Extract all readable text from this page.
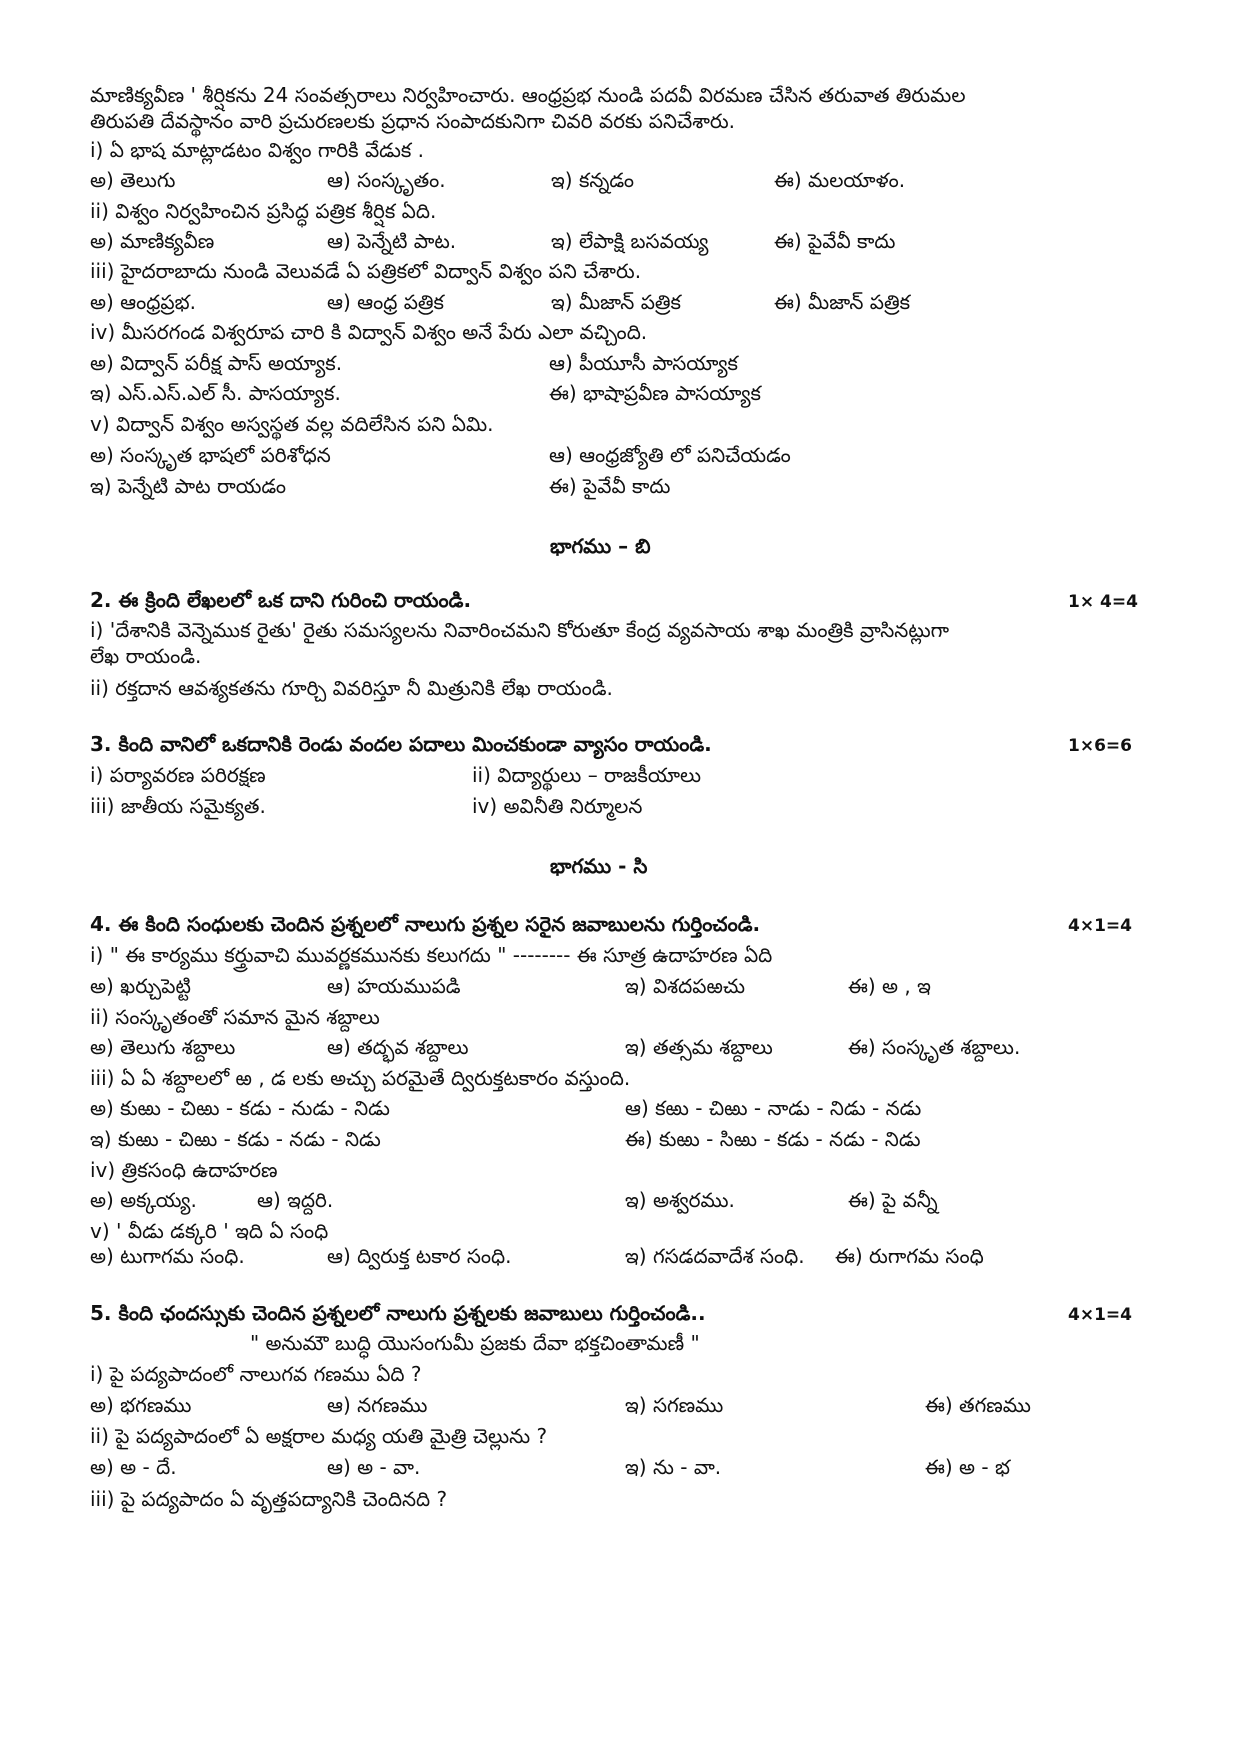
మాణిక్యవీణ ' శీర్షికను 24 సంవత్సరాలు నిర్వహించారు. ఆంధ్రప్రభ నుండి పదవీ విరమణ చేసిన తరువాత తిరుమల
తిరుపతి దేవస్థానం వారి ప్రచురణలకు ప్రధాన సంపాదకునిగా చివరి వరకు పనిచేశారు.
i) ఏ భాష మాట్లాడటం విశ్వం గారికి వేడుక .
అ) తెలుగు	ఆ) సంస్కృతం.	ఇ) కన్నడం	ఈ) మలయాళం.
ii) విశ్వం నిర్వహించిన ప్రసిద్ధ పత్రిక శీర్షిక ఏది.
అ) మాణిక్యవీణ	ఆ) పెన్నేటి పాట.	ఇ) లేపాక్షి బసవయ్య	ఈ) పైవేవీ కాదు
iii) హైదరాబాదు నుండి వెలువడే ఏ పత్రికలో విద్వాన్ విశ్వం పని చేశారు.
అ) ఆంధ్రప్రభ.	ఆ) ఆంధ్ర పత్రిక	ఇ) మీజాన్ పత్రిక	ఈ) మీజాన్ పత్రిక
iv) మీసరగండ విశ్వరూప చారి కి విద్వాన్ విశ్వం అనే పేరు ఎలా వచ్చింది.
అ) విద్వాన్ పరీక్ష పాస్ అయ్యాక.	ఆ) పీయూసీ పాసయ్యాక
ఇ) ఎస్.ఎస్.ఎల్ సీ. పాసయ్యాక.	ఈ) భాషాప్రవీణ పాసయ్యాక
v) విద్వాన్ విశ్వం అస్వస్థత వల్ల వదిలేసిన పని ఏమి.
అ) సంస్కృత భాషలో పరిశోధన	ఆ) ఆంధ్రజ్యోతి లో పనిచేయడం
ఇ) పెన్నేటి పాట రాయడం	ఈ) పైవేవీ కాదు
భాగము – బి
2. ఈ క్రింది లేఖలలో ఒక దాని గురించి రాయండి.	1× 4=4
i) 'దేశానికి వెన్నెముక రైతు' రైతు సమస్యలను నివారించమని కోరుతూ కేంద్ర వ్యవసాయ శాఖ మంత్రికి వ్రాసినట్లుగా
లేఖ రాయండి.
ii) రక్తదాన ఆవశ్యకతను గూర్చి వివరిస్తూ నీ మిత్రునికి లేఖ రాయండి.
3. కింది వానిలో ఒకదానికి రెండు వందల పదాలు మించకుండా వ్యాసం రాయండి.	1×6=6
i) పర్యావరణ పరిరక్షణ	ii) విద్యార్థులు – రాజకీయాలు
iii) జాతీయ సమైక్యత.	iv) అవినీతి నిర్మూలన
భాగము - సి
4. ఈ కింది సంధులకు చెందిన ప్రశ్నలలో నాలుగు ప్రశ్నల సరైన జవాబులను గుర్తించండి.	4×1=4
i) " ఈ కార్యము కర్త్రువాచి మువర్ణకమునకు కలుగదు " -------- ఈ సూత్ర ఉదాహరణ ఏది
అ) ఖర్చుపెట్టి	ఆ) హయముపడి	ఇ) విశదపఱచు	ఈ) అ , ఇ
ii) సంస్కృతంతో సమాన మైన శబ్దాలు
అ) తెలుగు శబ్దాలు	ఆ) తద్భవ శబ్దాలు	ఇ) తత్సమ శబ్దాలు	ఈ) సంస్కృత శబ్దాలు.
iii) ఏ ఏ శబ్దాలలో ఱ , డ లకు అచ్చు పరమైతే ద్విరుక్తటకారం వస్తుంది.
అ) కుఱు - చిఱు - కడు - నుడు - నిడు	ఆ) కఱు - చిఱు - నాడు - నిడు - నడు
ఇ) కుఱు - చిఱు - కడు - నడు - నిడు	ఈ) కుఱు - సిఱు - కడు - నడు - నిడు
iv) త్రికసంధి ఉదాహరణ
అ) అక్కయ్య.	ఆ) ఇద్దరి.	ఇ) అశ్వరము.	ఈ) పై వన్నీ
v) ' వీడు డక్కరి ' ఇది ఏ సంధి
అ) టుగాగమ సంధి.	ఆ) ద్విరుక్త టకార సంధి.	ఇ) గసడదవాదేశ సంధి. ఈ) రుగాగమ సంధి
5. కింది ఛందస్సుకు చెందిన ప్రశ్నలలో నాలుగు ప్రశ్నలకు జవాబులు గుర్తించండి..	4×1=4
" అనుమౌ బుద్ధి యొసంగుమీ ప్రజకు దేవా భక్తచింతామణీ "
i) పై పద్యపాదంలో నాలుగవ గణము ఏది ?
అ) భగణము	ఆ) నగణము	ఇ) సగణము	ఈ) తగణము
ii) పై పద్యపాదంలో ఏ అక్షరాల మధ్య యతి మైత్రి చెల్లును ?
అ) అ - దే.	ఆ) అ - వా.	ఇ) ను - వా.	ఈ) అ - భ
iii) పై పద్యపాదం ఏ వృత్తపద్యానికి చెందినది ?
